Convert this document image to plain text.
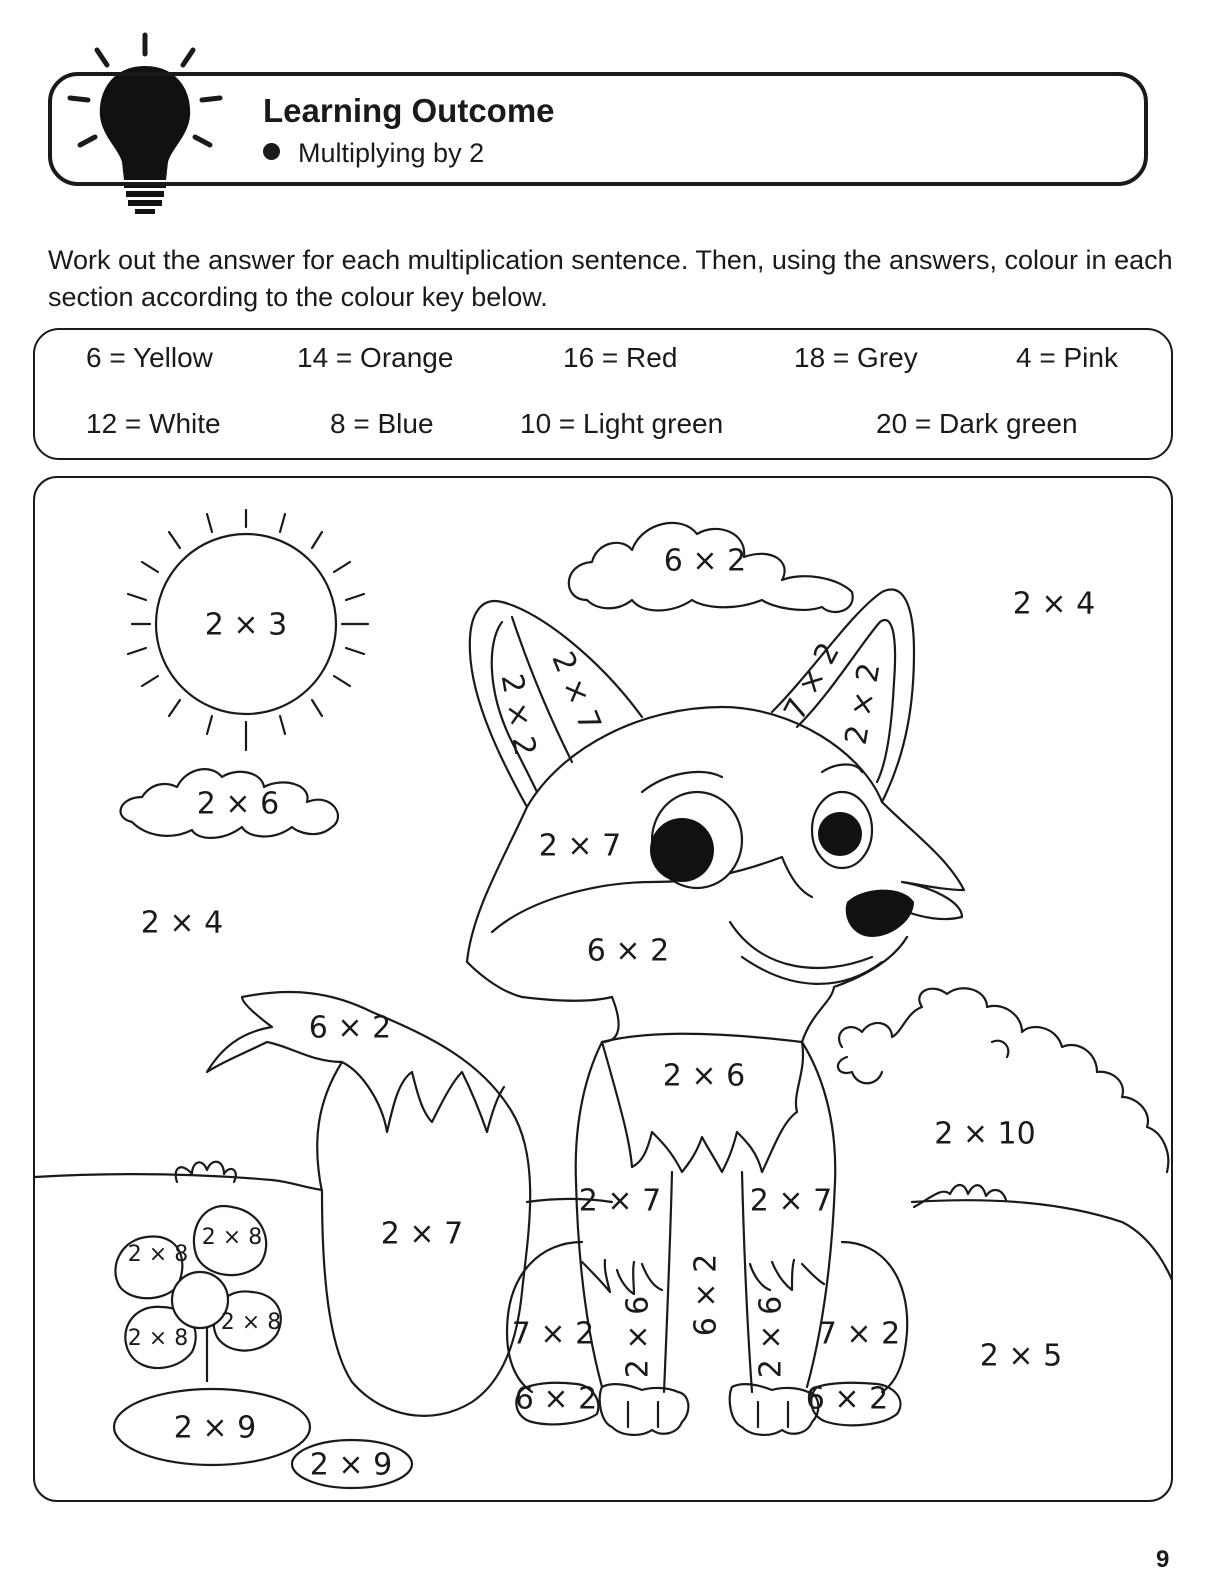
Learning Outcome
Multiplying by 2
Work out the answer for each multiplication sentence. Then, using the answers, colour in each section according to the colour key below.
6 = Yellow	14 = Orange	16 = Red	18 = Grey	4 = Pink
12 = White	8 = Blue	10 = Light green	20 = Dark green
2 × 3
6 × 2
2 × 4
2 × 6
2 × 4
2 × 2 2 × 7	7 × 2
2 × 2
2 × 7
6 × 2
6 × 2
2 × 6
2 × 7
2 × 10
2 × 7	2 × 7
6 × 2
2 × 6	2 × 6
7 × 2	7 × 2
6 × 2	6 × 2
2 × 5
2 × 9
2 × 9
2 × 8
2 × 8
2 × 8
2 × 8
9
